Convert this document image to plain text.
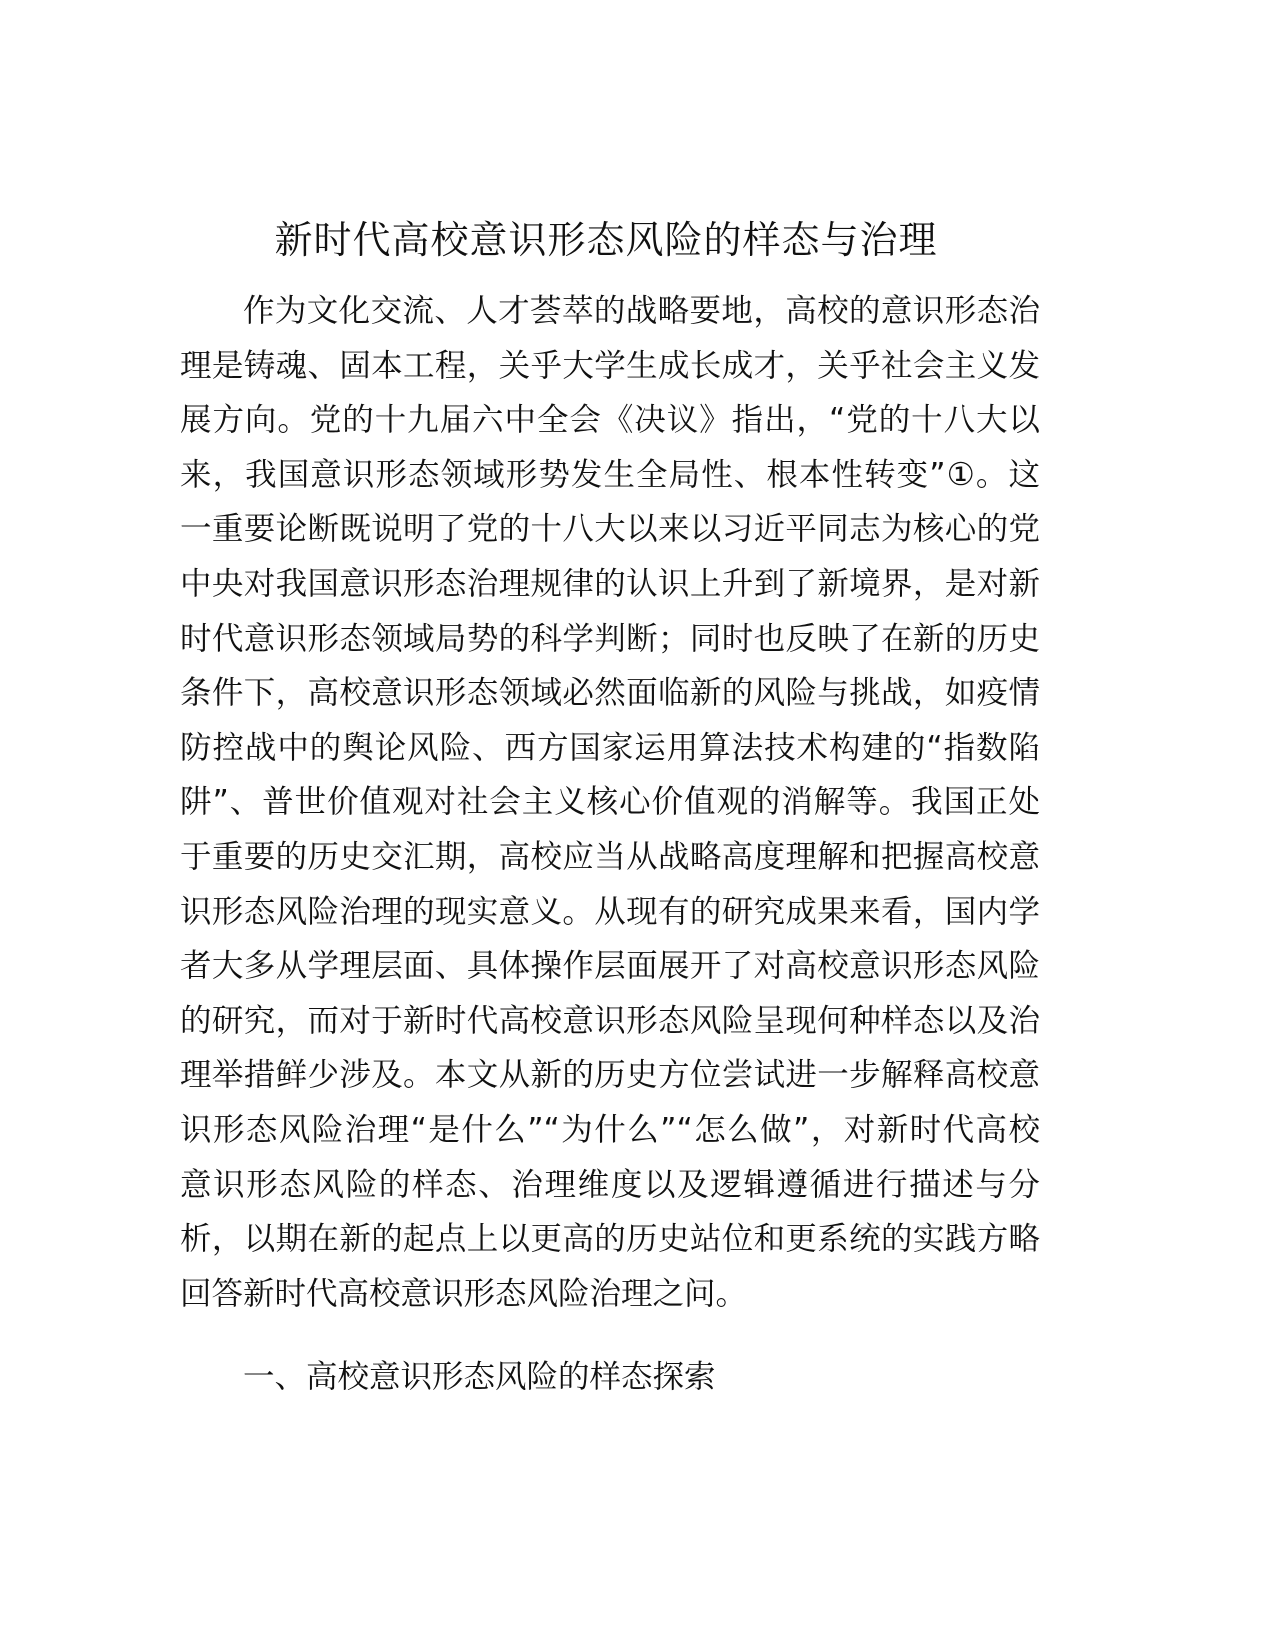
新时代高校意识形态风险的样态与治理
作为文化交流、人才荟萃的战略要地，高校的意识形态治
理是铸魂、固本工程，关乎大学生成长成才，关乎社会主义发
展方向。党的十九届六中全会《决议》指出，“党的十八大以
来，我国意识形态领域形势发生全局性、根本性转变”①。这
一重要论断既说明了党的十八大以来以习近平同志为核心的党
中央对我国意识形态治理规律的认识上升到了新境界，是对新
时代意识形态领域局势的科学判断；同时也反映了在新的历史
条件下，高校意识形态领域必然面临新的风险与挑战，如疫情
防控战中的舆论风险、西方国家运用算法技术构建的“指数陷
阱”、普世价值观对社会主义核心价值观的消解等。我国正处
于重要的历史交汇期，高校应当从战略高度理解和把握高校意
识形态风险治理的现实意义。从现有的研究成果来看，国内学
者大多从学理层面、具体操作层面展开了对高校意识形态风险
的研究，而对于新时代高校意识形态风险呈现何种样态以及治
理举措鲜少涉及。本文从新的历史方位尝试进一步解释高校意
识形态风险治理“是什么”“为什么”“怎么做”，对新时代高校
意识形态风险的样态、治理维度以及逻辑遵循进行描述与分
析，以期在新的起点上以更高的历史站位和更系统的实践方略
回答新时代高校意识形态风险治理之问。
一、高校意识形态风险的样态探索
